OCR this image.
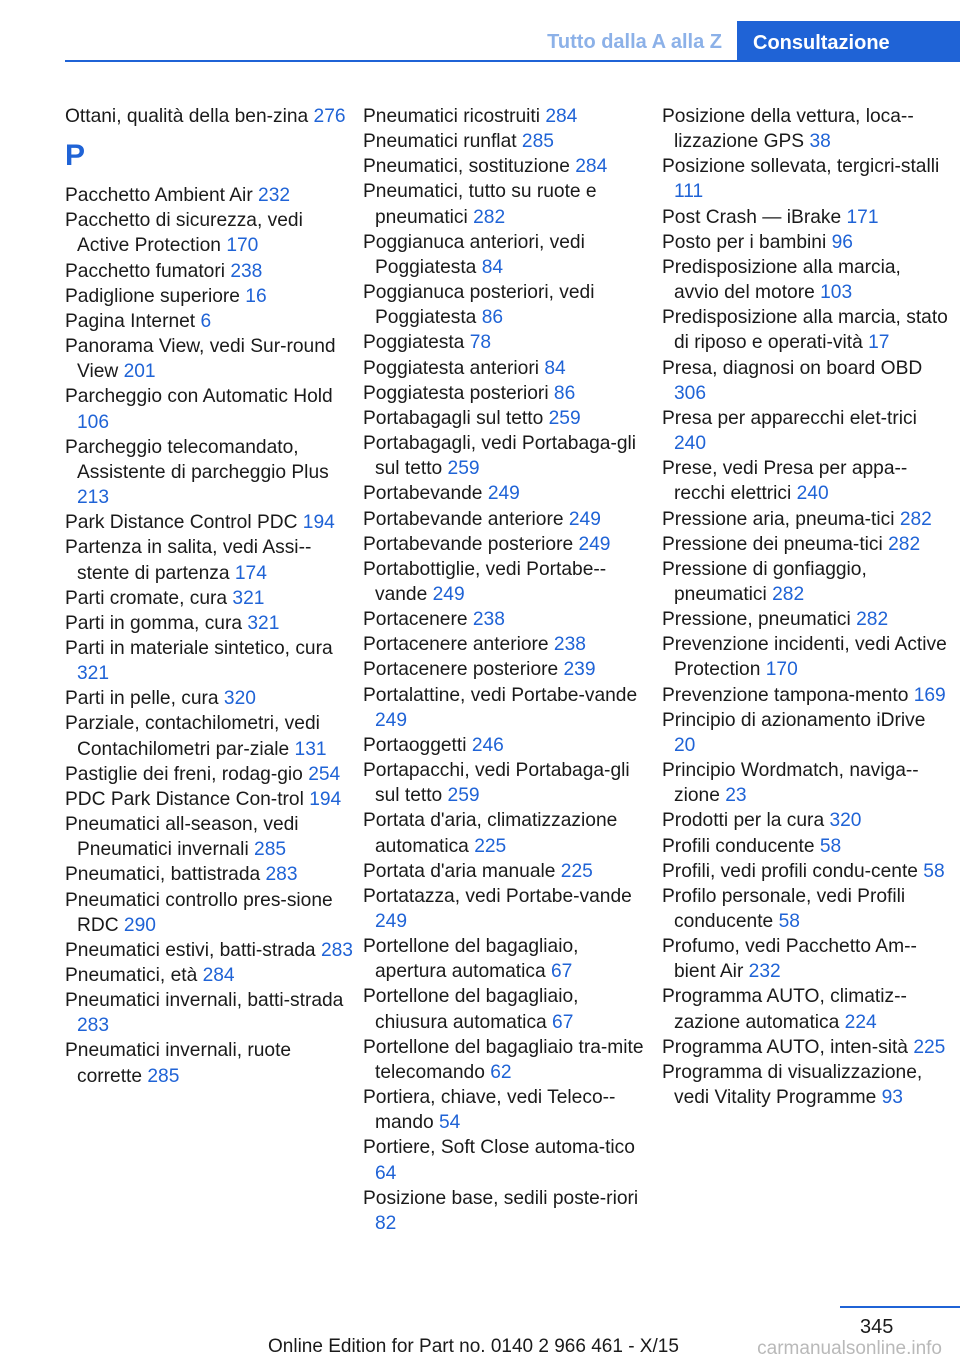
Tutto dalla A alla Z	Consultazione
Ottani, qualità della ben-zina 276
P
Pacchetto Ambient Air 232
Pacchetto di sicurezza, vedi Active Protection 170
Pacchetto fumatori 238
Padiglione superiore 16
Pagina Internet 6
Panorama View, vedi Sur-round View 201
Parcheggio con Automatic Hold 106
Parcheggio telecomandato, Assistente di parcheggio Plus 213
Park Distance Control PDC 194
Partenza in salita, vedi Assi-stente di partenza 174
Parti cromate, cura 321
Parti in gomma, cura 321
Parti in materiale sintetico, cura 321
Parti in pelle, cura 320
Parziale, contachilometri, vedi Contachilometri par-ziale 131
Pastiglie dei freni, rodag-gio 254
PDC Park Distance Con-trol 194
Pneumatici all-season, vedi Pneumatici invernali 285
Pneumatici, battistrada 283
Pneumatici controllo pres-sione RDC 290
Pneumatici estivi, batti-strada 283
Pneumatici, età 284
Pneumatici invernali, batti-strada 283
Pneumatici invernali, ruote corrette 285
Pneumatici ricostruiti 284
Pneumatici runflat 285
Pneumatici, sostituzione 284
Pneumatici, tutto su ruote e pneumatici 282
Poggianuca anteriori, vedi Poggiatesta 84
Poggianuca posteriori, vedi Poggiatesta 86
Poggiatesta 78
Poggiatesta anteriori 84
Poggiatesta posteriori 86
Portabagagli sul tetto 259
Portabagagli, vedi Portabaga-gli sul tetto 259
Portabevande 249
Portabevande anteriore 249
Portabevande posteriore 249
Portabottiglie, vedi Portabe-vande 249
Portacenere 238
Portacenere anteriore 238
Portacenere posteriore 239
Portalattine, vedi Portabe-vande 249
Portaoggetti 246
Portapacchi, vedi Portabaga-gli sul tetto 259
Portata d'aria, climatizzazione automatica 225
Portata d'aria manuale 225
Portatazza, vedi Portabe-vande 249
Portellone del bagagliaio, apertura automatica 67
Portellone del bagagliaio, chiusura automatica 67
Portellone del bagagliaio tra-mite telecomando 62
Portiera, chiave, vedi Teleco-mando 54
Portiere, Soft Close automa-tico 64
Posizione base, sedili poste-riori 82
Posizione della vettura, loca-lizzazione GPS 38
Posizione sollevata, tergicri-stalli 111
Post Crash — iBrake 171
Posto per i bambini 96
Predisposizione alla marcia, avvio del motore 103
Predisposizione alla marcia, stato di riposo e operati-vità 17
Presa, diagnosi on board OBD 306
Presa per apparecchi elet-trici 240
Prese, vedi Presa per appa-recchi elettrici 240
Pressione aria, pneuma-tici 282
Pressione dei pneuma-tici 282
Pressione di gonfiaggio, pneumatici 282
Pressione, pneumatici 282
Prevenzione incidenti, vedi Active Protection 170
Prevenzione tampona-mento 169
Principio di azionamento iDrive 20
Principio Wordmatch, naviga-zione 23
Prodotti per la cura 320
Profili conducente 58
Profili, vedi profili condu-cente 58
Profilo personale, vedi Profili conducente 58
Profumo, vedi Pacchetto Am-bient Air 232
Programma AUTO, climatiz-zazione automatica 224
Programma AUTO, inten-sità 225
Programma di visualizzazione, vedi Vitality Programme 93
345
Online Edition for Part no. 0140 2 966 461 - X/15	carmanualsonline.info
